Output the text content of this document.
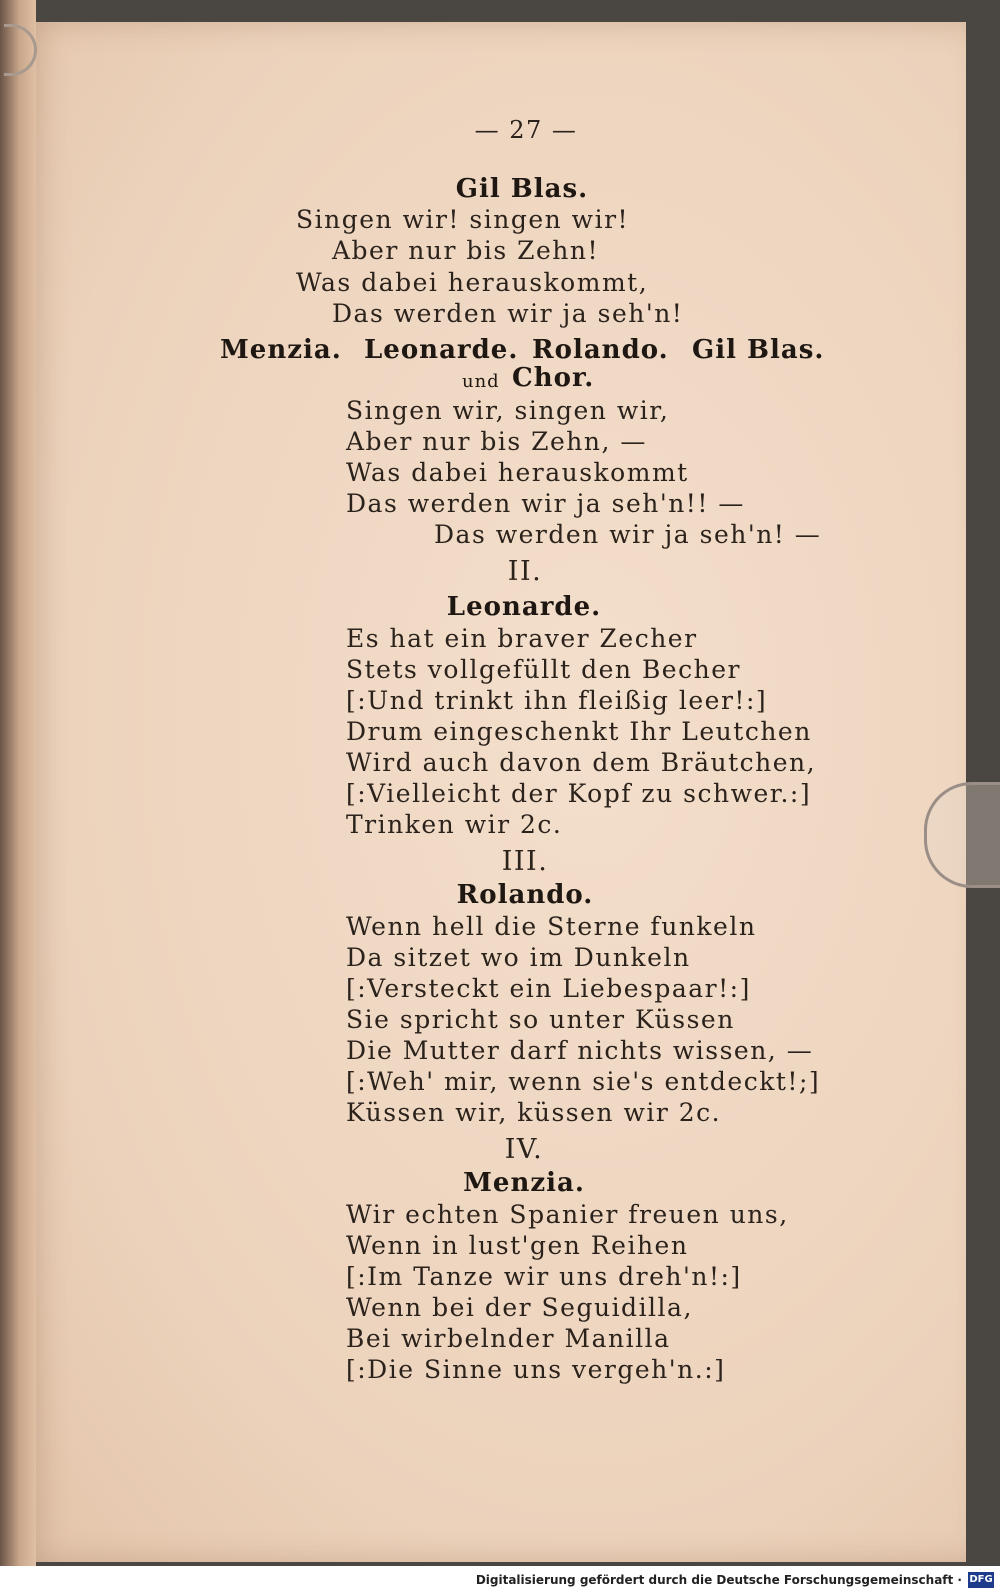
— 27 —
Gil Blas.
Singen wir! singen wir!
Aber nur bis Zehn!
Was dabei herauskommt,
Das werden wir ja seh'n!
Menzia. Leonarde. Rolando. Gil Blas.
und Chor.
Singen wir, singen wir,
Aber nur bis Zehn, —
Was dabei herauskommt
Das werden wir ja seh'n!! —
Das werden wir ja seh'n! —
II.
Leonarde.
Es hat ein braver Zecher
Stets vollgefüllt den Becher
[:Und trinkt ihn fleißig leer!:]
Drum eingeschenkt Ihr Leutchen
Wird auch davon dem Bräutchen,
[:Vielleicht der Kopf zu schwer.:]
Trinken wir 2c.
III.
Rolando.
Wenn hell die Sterne funkeln
Da sitzet wo im Dunkeln
[:Versteckt ein Liebespaar!:]
Sie spricht so unter Küssen
Die Mutter darf nichts wissen, —
[:Weh' mir, wenn sie's entdeckt!;]
Küssen wir, küssen wir 2c.
IV.
Menzia.
Wir echten Spanier freuen uns,
Wenn in lust'gen Reihen
[:Im Tanze wir uns dreh'n!:]
Wenn bei der Seguidilla,
Bei wirbelnder Manilla
[:Die Sinne uns vergeh'n.:]
Digitalisierung gefördert durch die Deutsche Forschungsgemeinschaft · DFG
